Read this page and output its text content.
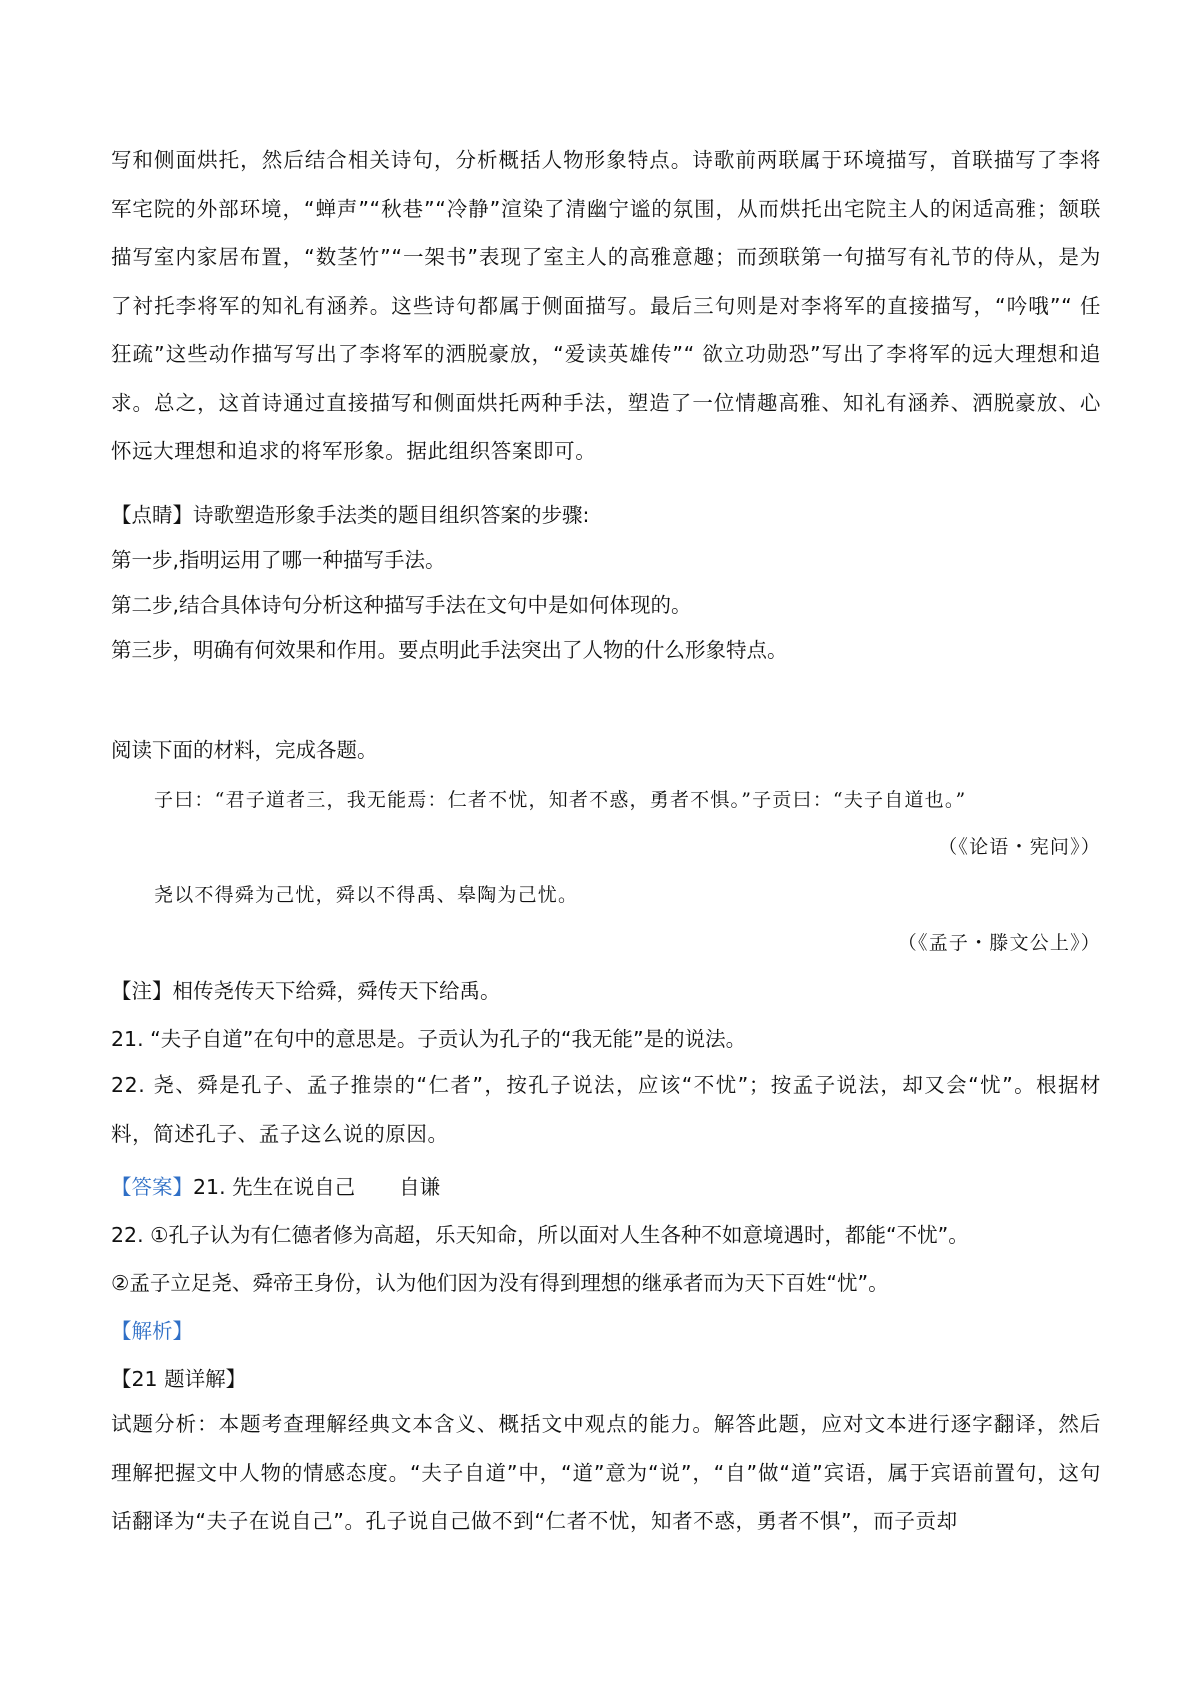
写和侧面烘托，然后结合相关诗句，分析概括人物形象特点。诗歌前两联属于环境描写，首联描写了李将军宅院的外部环境，“蝉声”“秋巷”“冷静”渲染了清幽宁谧的氛围，从而烘托出宅院主人的闲适高雅；颔联描写室内家居布置，“数茎竹”“一架书”表现了室主人的高雅意趣；而颈联第一句描写有礼节的侍从，是为了衬托李将军的知礼有涵养。这些诗句都属于侧面描写。最后三句则是对李将军的直接描写，“吟哦”“ 任狂疏”这些动作描写写出了李将军的洒脱豪放，“爱读英雄传”“ 欲立功勋恐”写出了李将军的远大理想和追求。总之，这首诗通过直接描写和侧面烘托两种手法，塑造了一位情趣高雅、知礼有涵养、洒脱豪放、心怀远大理想和追求的将军形象。据此组织答案即可。

【点睛】诗歌塑造形象手法类的题目组织答案的步骤:

第一步,指明运用了哪一种描写手法。

第二步,结合具体诗句分析这种描写手法在文句中是如何体现的。

第三步，明确有何效果和作用。要点明此手法突出了人物的什么形象特点。

阅读下面的材料，完成各题。

子曰：“君子道者三，我无能焉：仁者不忧，知者不惑，勇者不惧。”子贡曰：“夫子自道也。”

（《论语・宪问》）

尧以不得舜为己忧，舜以不得禹、皋陶为己忧。

（《孟子・滕文公上》）

【注】相传尧传天下给舜，舜传天下给禹。

21. “夫子自道”在句中的意思是。子贡认为孔子的“我无能”是的说法。

22. 尧、舜是孔子、孟子推崇的“仁者”，按孔子说法，应该“不忧”；按孟子说法，却又会“忧”。根据材料，简述孔子、孟子这么说的原因。

【答案】21. 先生在说自己 自谦

22. ①孔子认为有仁德者修为高超，乐天知命，所以面对人生各种不如意境遇时，都能“不忧”。

②孟子立足尧、舜帝王身份，认为他们因为没有得到理想的继承者而为天下百姓“忧”。

【解析】

【21 题详解】

试题分析：本题考查理解经典文本含义、概括文中观点的能力。解答此题，应对文本进行逐字翻译，然后理解把握文中人物的情感态度。“夫子自道”中，“道”意为“说”，“自”做“道”宾语，属于宾语前置句，这句话翻译为“夫子在说自己”。孔子说自己做不到“仁者不忧，知者不惑，勇者不惧”，而子贡却
